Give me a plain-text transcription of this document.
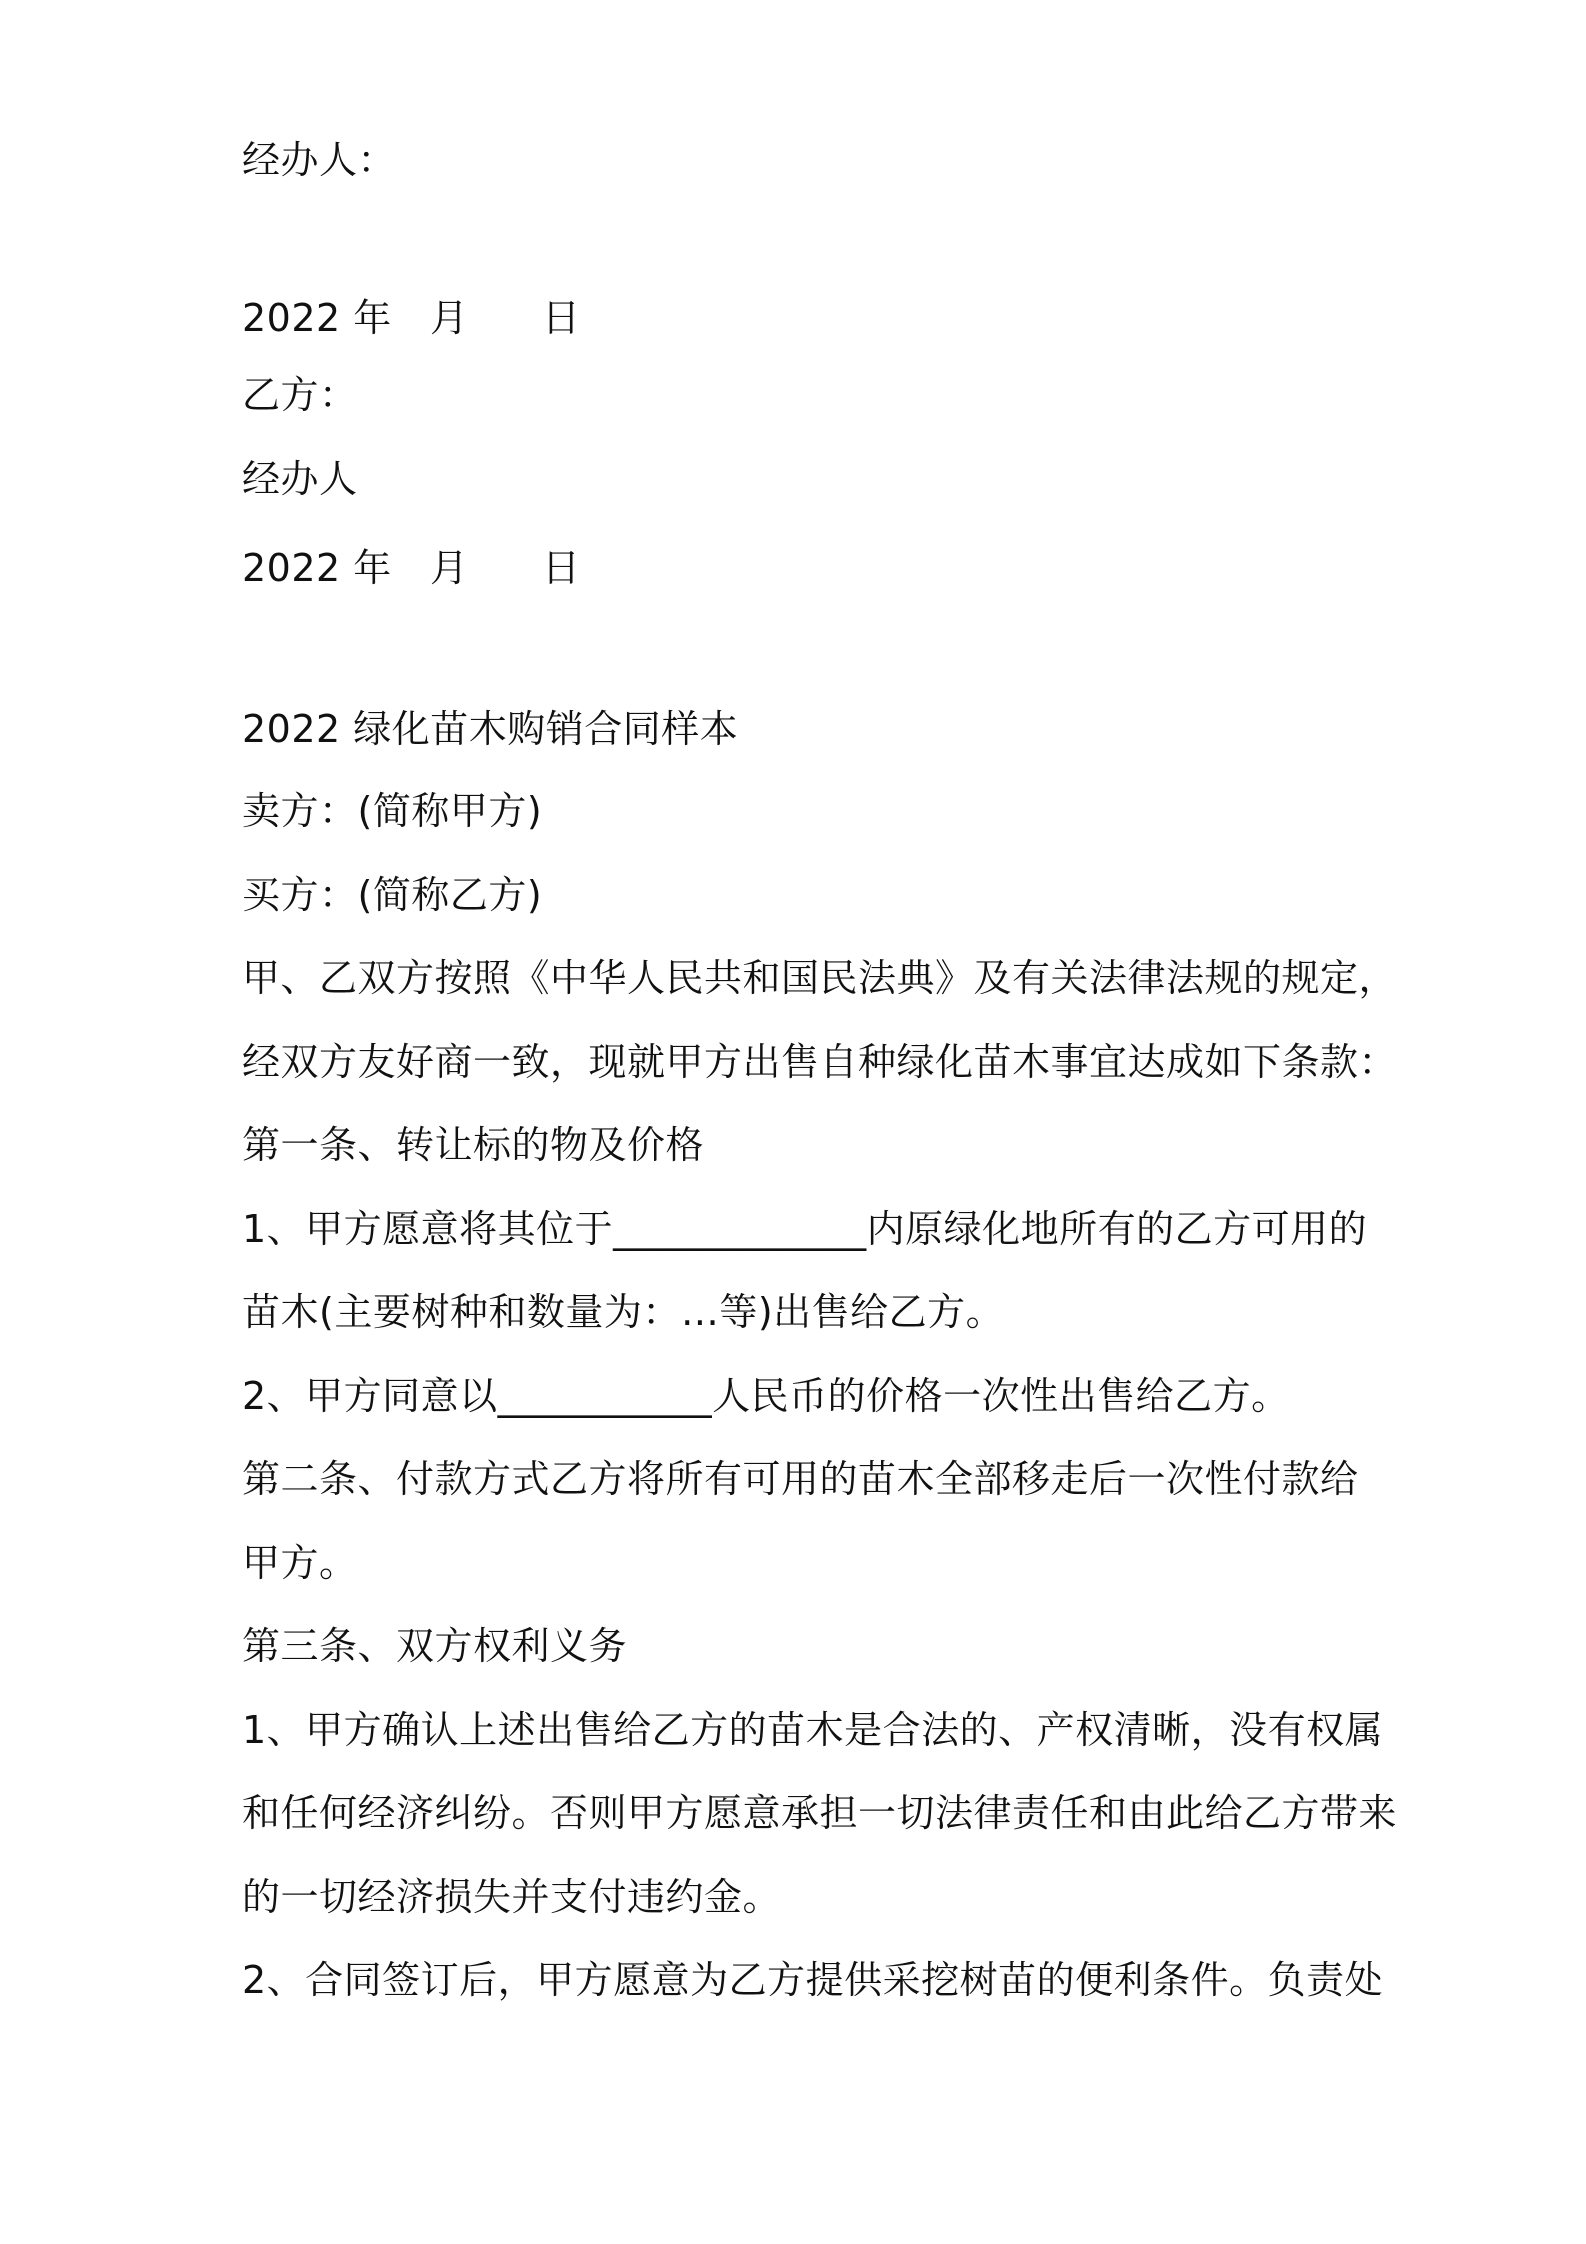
经办人：

2022 年 月 日

乙方：

经办人

2022 年 月 日

2022 绿化苗木购销合同样本

卖方：(简称甲方)

买方：(简称乙方)

甲、乙双方按照《中华人民共和国民法典》及有关法律法规的规定，

经双方友好商一致，现就甲方出售自种绿化苗木事宜达成如下条款：

第一条、转让标的物及价格

1、甲方愿意将其位于_____________内原绿化地所有的乙方可用的

苗木(主要树种和数量为：…等)出售给乙方。

2、甲方同意以___________人民币的价格一次性出售给乙方。

第二条、付款方式乙方将所有可用的苗木全部移走后一次性付款给

甲方。

第三条、双方权利义务

1、甲方确认上述出售给乙方的苗木是合法的、产权清晰，没有权属

和任何经济纠纷。否则甲方愿意承担一切法律责任和由此给乙方带来

的一切经济损失并支付违约金。

2、合同签订后，甲方愿意为乙方提供采挖树苗的便利条件。负责处
